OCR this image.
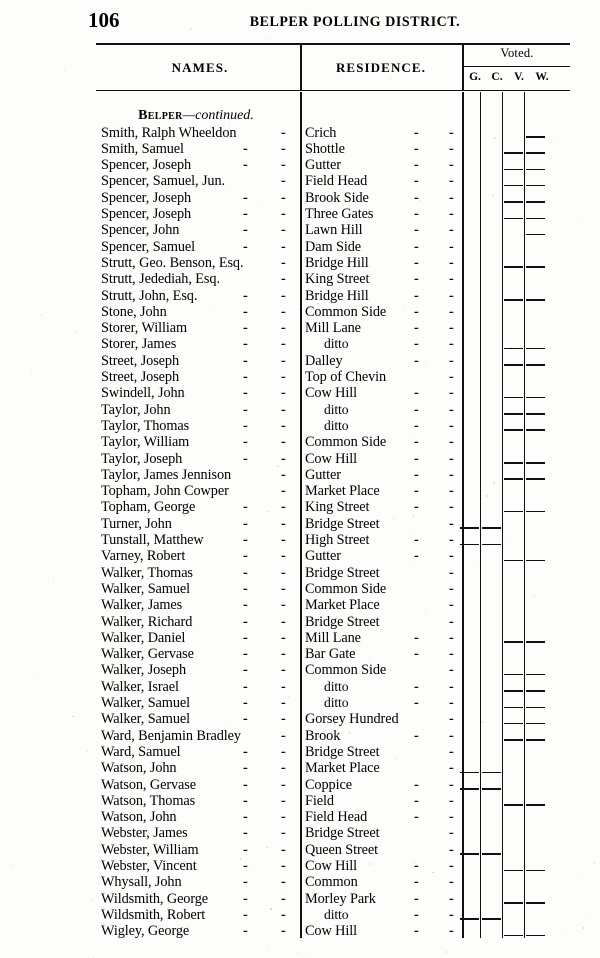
106	BELPER POLLING DISTRICT.
NAMES.	RESIDENCE.
Voted.
G. C.	V. W.
Belper—continued.
Smith, Ralph Wheeldon	- Crich	- -
Smith, Samuel	- - Shottle	- -
Spencer, Joseph	- - Gutter	- -
Spencer, Samuel, Jun.	- Field Head	- -
Spencer, Joseph	- - Brook Side	- -
Spencer, Joseph	- - Three Gates	- -
Spencer, John	- - Lawn Hill	- -
Spencer, Samuel	- - Dam Side	- -
Strutt, Geo. Benson, Esq.	- Bridge Hill	- -
Strutt, Jedediah, Esq.	- King Street	- -
Strutt, John, Esq.	- - Bridge Hill	- -
Stone, John	- - Common Side - -
Storer, William	- - Mill Lane	- -
Storer, James	- -	ditto	- -
Street, Joseph	- - Dalley	- -
Street, Joseph	- - Top of Chevin	-
Swindell, John	- - Cow Hill	- -
Taylor, John	- -	ditto	- -
Taylor, Thomas	- -	ditto	- -
Taylor, William	- - Common Side - -
Taylor, Joseph	- - Cow Hill	- -
Taylor, James Jennison	- Gutter	- -
Topham, John Cowper	- Market Place - -
Topham, George	- - King Street	- -
Turner, John	- - Bridge Street	-
Tunstall, Matthew	- - High Street	- -
Varney, Robert	- - Gutter	- -
Walker, Thomas	- - Bridge Street	-
Walker, Samuel	- - Common Side	-
Walker, James	- - Market Place	-
Walker, Richard	- - Bridge Street	-
Walker, Daniel	- - Mill Lane	- -
Walker, Gervase	- - Bar Gate	- -
Walker, Joseph	- - Common Side	-
Walker, Israel	- -	ditto	- -
Walker, Samuel	- -	ditto	- -
Walker, Samuel	- - Gorsey Hundred	-
Ward, Benjamin Bradley	- Brook	- -
Ward, Samuel	- - Bridge Street	-
Watson, John	- - Market Place	-
Watson, Gervase	- - Coppice	- -
Watson, Thomas	- - Field	- -
Watson, John	- - Field Head	- -
Webster, James	- - Bridge Street	-
Webster, William	- - Queen Street	-
Webster, Vincent	- - Cow Hill	- -
Whysall, John	- - Common	- -
Wildsmith, George - - Morley Park	- -
Wildsmith, Robert	- -	ditto	- -
Wigley, George	- - Cow Hill	- -
